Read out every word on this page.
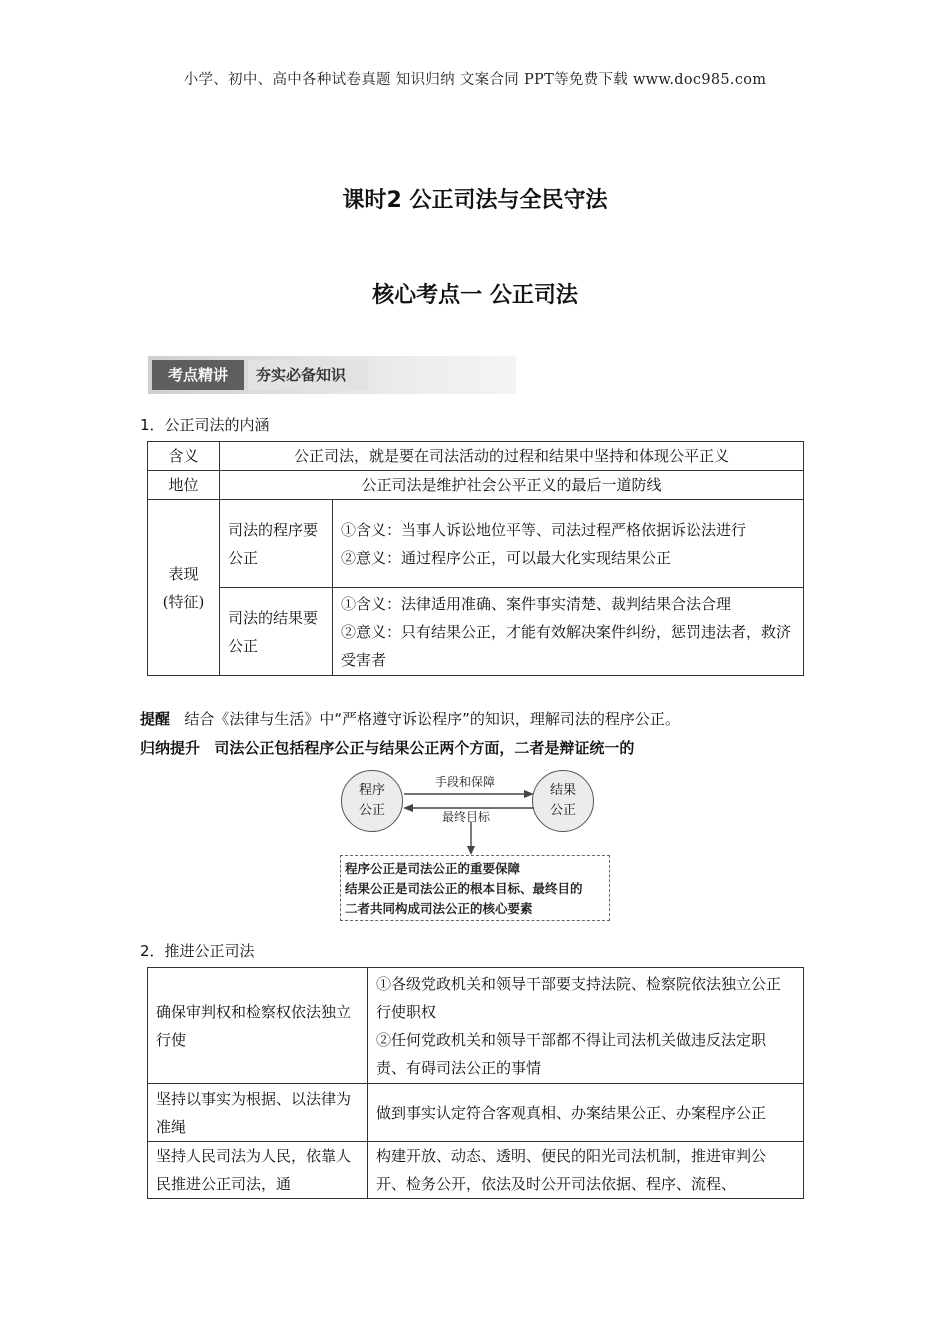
小学、初中、高中各种试卷真题 知识归纳 文案合同 PPT等免费下载 www.doc985.com
课时2 公正司法与全民守法
核心考点一 公正司法
考点精讲	夯实必备知识
1．公正司法的内涵
含义	公正司法，就是要在司法活动的过程和结果中坚持和体现公平正义	
地位	公正司法是维护社会公平正义的最后一道防线	
表现(特征)	司法的程序要公正	①含义：当事人诉讼地位平等、司法过程严格依据诉讼法进行
②意义：通过程序公正，可以最大化实现结果公正

	司法的结果要公正	①含义：法律适用准确、案件事实清楚、裁判结果合法合理
②意义：只有结果公正，才能有效解决案件纠纷，惩罚违法者，救济受害者
提醒 结合《法律与生活》中“严格遵守诉讼程序”的知识，理解司法的程序公正。
归纳提升 司法公正包括程序公正与结果公正两个方面，二者是辩证统一的
程序
公正
结果
公正
手段和保障
最终目标
程序公正是司法公正的重要保障
结果公正是司法公正的根本目标、最终目的
二者共同构成司法公正的核心要素
2．推进公正司法
确保审判权和检察权依法独立行使	①各级党政机关和领导干部要支持法院、检察院依法独立公正行使职权
②任何党政机关和领导干部都不得让司法机关做违反法定职责、有碍司法公正的事情

坚持以事实为根据、以法律为准绳	做到事实认定符合客观真相、办案结果公正、办案程序公正
坚持人民司法为人民，依靠人民推进公正司法，通	构建开放、动态、透明、便民的阳光司法机制，推进审判公开、检务公开，依法及时公开司法依据、程序、流程、
